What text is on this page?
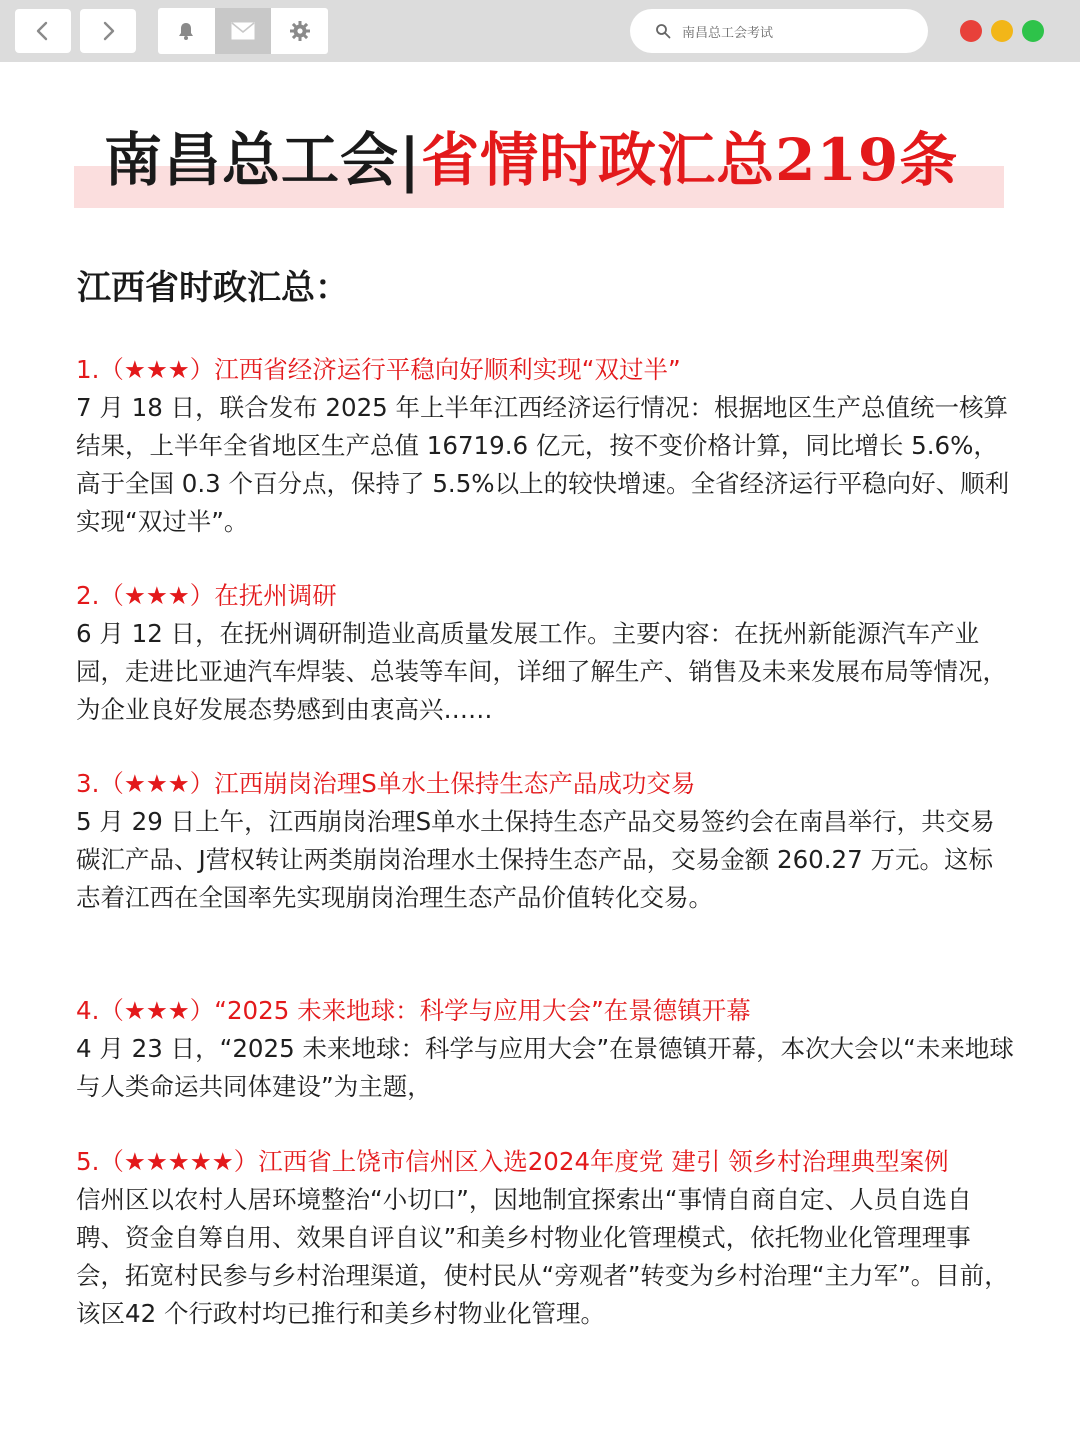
南昌总工会考试
南昌总工会|省情时政汇总219条
江西省时政汇总：

1.（★★★）江西省经济运行平稳向好顺利实现“双过半”

7 月 18 日，联合发布 2025 年上半年江西经济运行情况：根据地区生产总值统一核算结果，上半年全省地区生产总值 16719.6 亿元，按不变价格计算，同比增长 5.6%，高于全国 0.3 个百分点，保持了 5.5%以上的较快增速。全省经济运行平稳向好、顺利实现“双过半”。

2.（★★★）在抚州调研

6 月 12 日，在抚州调研制造业高质量发展工作。主要内容：在抚州新能源汽车产业园，走进比亚迪汽车焊装、总装等车间，详细了解生产、销售及未来发展布局等情况，为企业良好发展态势感到由衷高兴……

3.（★★★）江西崩岗治理S单水土保持生态产品成功交易

5 月 29 日上午，江西崩岗治理S单水土保持生态产品交易签约会在南昌举行，共交易碳汇产品、J营权转让两类崩岗治理水土保持生态产品，交易金额 260.27 万元。这标志着江西在全国率先实现崩岗治理生态产品价值转化交易。

4.（★★★）“2025 未来地球：科学与应用大会”在景德镇开幕

4 月 23 日，“2025 未来地球：科学与应用大会”在景德镇开幕，本次大会以“未来地球与人类命运共同体建设”为主题，

5.（★★★★★）江西省上饶市信州区入选2024年度党 建引 领乡村治理典型案例

信州区以农村人居环境整治“小切口”，因地制宜探索出“事情自商自定、人员自选自聘、资金自筹自用、效果自评自议”和美乡村物业化管理模式，依托物业化管理理事会，拓宽村民参与乡村治理渠道，使村民从“旁观者”转变为乡村治理“主力军”。目前，该区42 个行政村均已推行和美乡村物业化管理。
